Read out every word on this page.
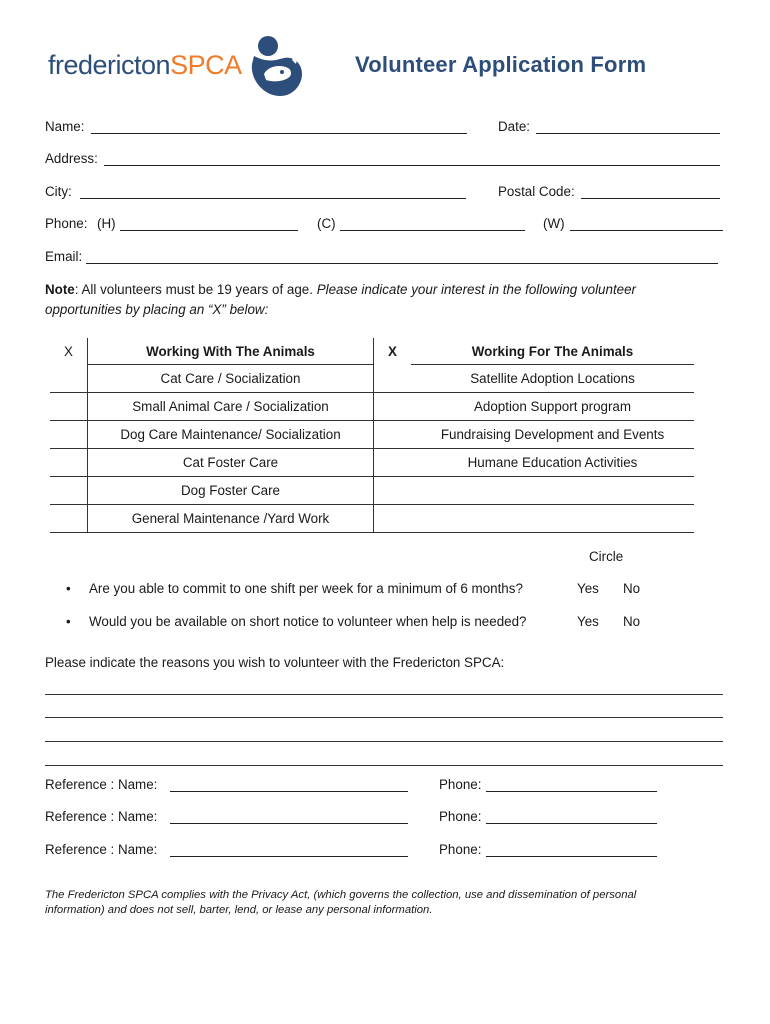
frederictonSPCA	Volunteer Application Form
Name:	Date:
Address:
City:	Postal Code:
Phone: (H)	(C)	(W)
Email:
Note: All volunteers must be 19 years of age. Please indicate your interest in the following volunteer opportunities by placing an “X” below:
X	Working With The Animals	X	Working For The Animals
	Cat Care / Socialization		Satellite Adoption Locations
	Small Animal Care / Socialization		Adoption Support program
	Dog Care Maintenance/ Socialization		Fundraising Development and Events
	Cat Foster Care		Humane Education Activities
	Dog Foster Care		
	General Maintenance /Yard Work		
Circle
• Are you able to commit to one shift per week for a minimum of 6 months?	Yes No
• Would you be available on short notice to volunteer when help is needed?	Yes No
Please indicate the reasons you wish to volunteer with the Fredericton SPCA:
Reference : Name:	Phone:
Reference : Name:	Phone:
Reference : Name:	Phone:
The Fredericton SPCA complies with the Privacy Act, (which governs the collection, use and dissemination of personal information) and does not sell, barter, lend, or lease any personal information.
